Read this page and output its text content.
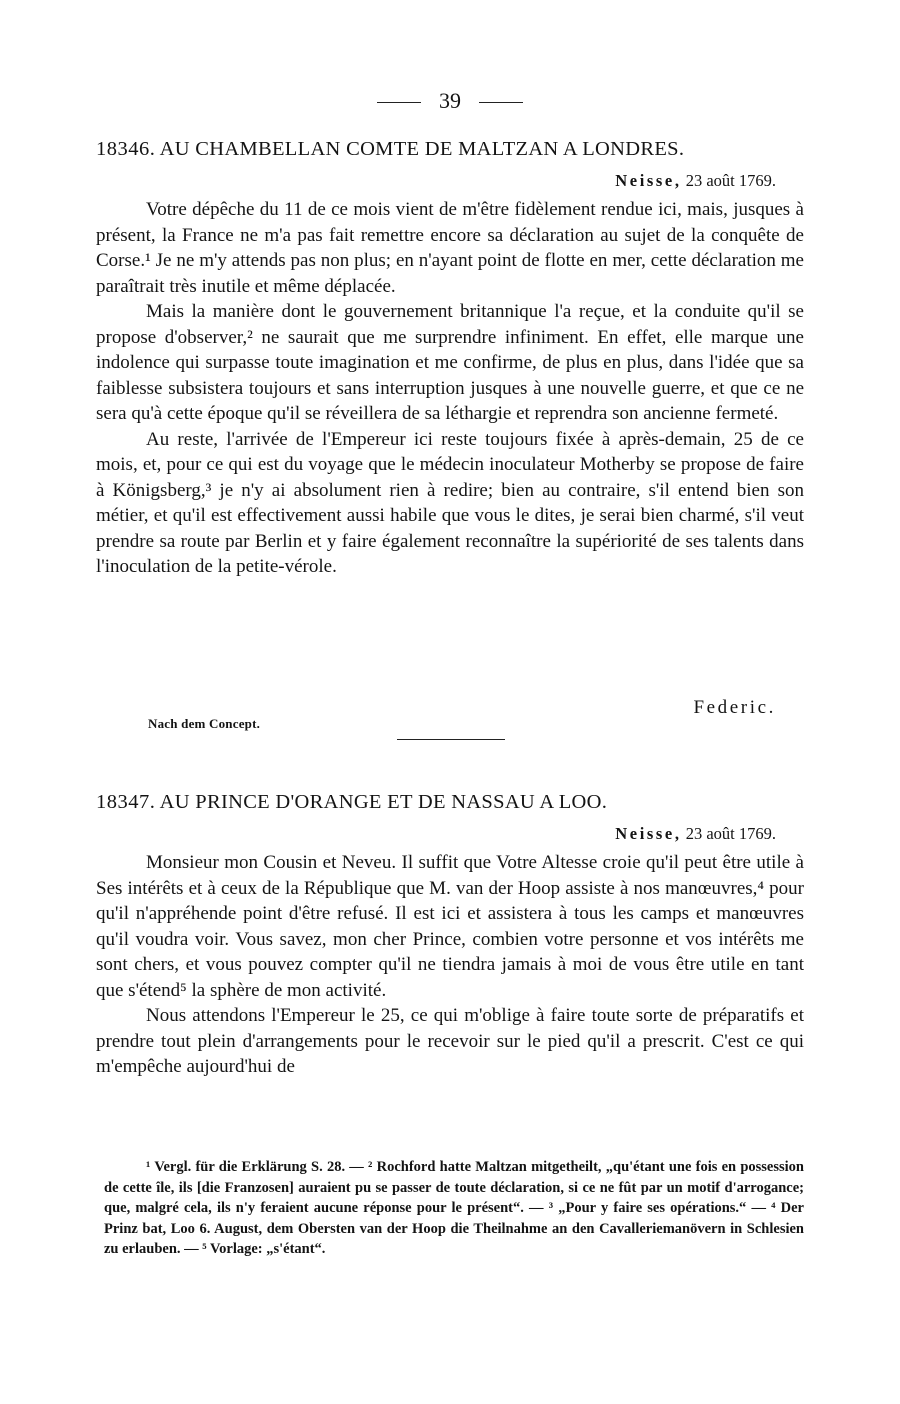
39
18346. AU CHAMBELLAN COMTE DE MALTZAN A LONDRES.
Neisse, 23 août 1769.

Votre dépêche du 11 de ce mois vient de m'être fidèlement rendue ici, mais, jusques à présent, la France ne m'a pas fait remettre encore sa déclaration au sujet de la conquête de Corse.¹ Je ne m'y attends pas non plus; en n'ayant point de flotte en mer, cette déclaration me paraîtrait très inutile et même déplacée.

Mais la manière dont le gouvernement britannique l'a reçue, et la conduite qu'il se propose d'observer,² ne saurait que me surprendre infiniment. En effet, elle marque une indolence qui surpasse toute imagination et me confirme, de plus en plus, dans l'idée que sa faiblesse subsistera toujours et sans interruption jusques à une nouvelle guerre, et que ce ne sera qu'à cette époque qu'il se réveillera de sa léthargie et reprendra son ancienne fermeté.

Au reste, l'arrivée de l'Empereur ici reste toujours fixée à après-demain, 25 de ce mois, et, pour ce qui est du voyage que le médecin inoculateur Motherby se propose de faire à Königsberg,³ je n'y ai absolument rien à redire; bien au contraire, s'il entend bien son métier, et qu'il est effectivement aussi habile que vous le dites, je serai bien charmé, s'il veut prendre sa route par Berlin et y faire également reconnaître la supériorité de ses talents dans l'inoculation de la petite-vérole.

Federic.
Nach dem Concept.
18347. AU PRINCE D'ORANGE ET DE NASSAU A LOO.
Neisse, 23 août 1769.

Monsieur mon Cousin et Neveu. Il suffit que Votre Altesse croie qu'il peut être utile à Ses intérêts et à ceux de la République que M. van der Hoop assiste à nos manœuvres,⁴ pour qu'il n'appréhende point d'être refusé. Il est ici et assistera à tous les camps et manœuvres qu'il voudra voir. Vous savez, mon cher Prince, combien votre personne et vos intérêts me sont chers, et vous pouvez compter qu'il ne tiendra jamais à moi de vous être utile en tant que s'étend⁵ la sphère de mon activité.

Nous attendons l'Empereur le 25, ce qui m'oblige à faire toute sorte de préparatifs et prendre tout plein d'arrangements pour le recevoir sur le pied qu'il a prescrit. C'est ce qui m'empêche aujourd'hui de

¹ Vergl. für die Erklärung S. 28. — ² Rochford hatte Maltzan mitgetheilt, „qu'étant une fois en possession de cette île, ils [die Franzosen] auraient pu se passer de toute déclaration, si ce ne fût par un motif d'arrogance; que, malgré cela, ils n'y feraient aucune réponse pour le présent“. — ³ „Pour y faire ses opérations.“ — ⁴ Der Prinz bat, Loo 6. August, dem Obersten van der Hoop die Theilnahme an den Cavalleriemanövern in Schlesien zu erlauben. — ⁵ Vorlage: „s'étant“.
